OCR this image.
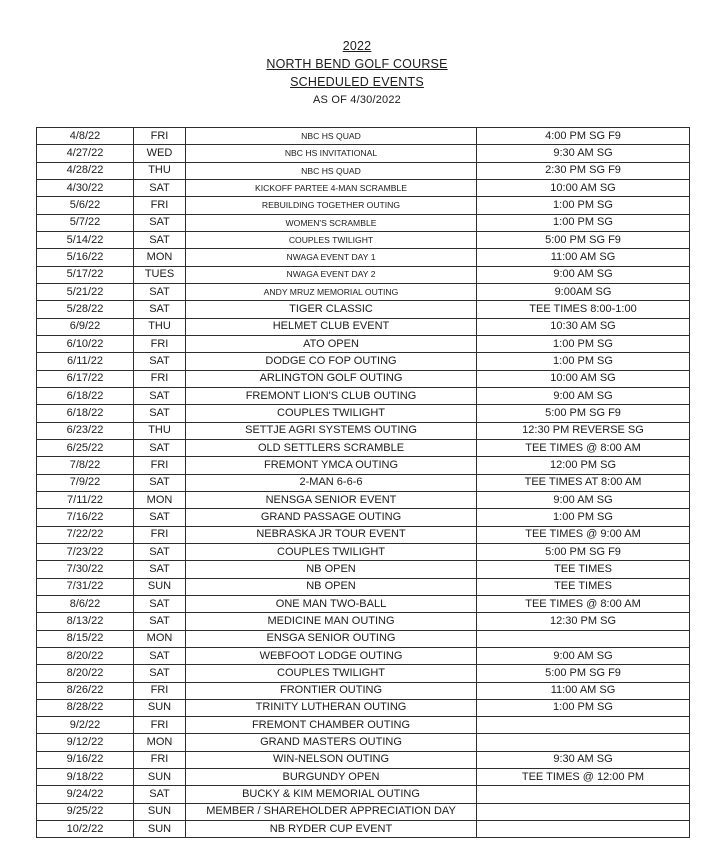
2022
NORTH BEND GOLF COURSE
SCHEDULED EVENTS
AS OF 4/30/2022
4/8/22	FRI	NBC HS QUAD	4:00 PM SG F9
4/27/22	WED	NBC HS INVITATIONAL	9:30 AM SG
4/28/22	THU	NBC HS QUAD	2:30 PM SG F9
4/30/22	SAT	KICKOFF PARTEE 4-MAN SCRAMBLE	10:00 AM SG
5/6/22	FRI	REBUILDING TOGETHER OUTING	1:00 PM SG
5/7/22	SAT	WOMEN'S SCRAMBLE	1:00 PM SG
5/14/22	SAT	COUPLES TWILIGHT	5:00 PM SG F9
5/16/22	MON	NWAGA EVENT DAY 1	11:00 AM SG
5/17/22	TUES	NWAGA EVENT DAY 2	9:00 AM SG
5/21/22	SAT	ANDY MRUZ MEMORIAL OUTING	9:00AM SG
5/28/22	SAT	TIGER CLASSIC	TEE TIMES 8:00-1:00
6/9/22	THU	HELMET CLUB EVENT	10:30 AM SG
6/10/22	FRI	ATO OPEN	1:00 PM SG
6/11/22	SAT	DODGE CO FOP OUTING	1:00 PM SG
6/17/22	FRI	ARLINGTON GOLF OUTING	10:00 AM SG
6/18/22	SAT	FREMONT LION'S CLUB OUTING	9:00 AM SG
6/18/22	SAT	COUPLES TWILIGHT	5:00 PM SG F9
6/23/22	THU	SETTJE AGRI SYSTEMS OUTING	12:30 PM REVERSE SG
6/25/22	SAT	OLD SETTLERS SCRAMBLE	TEE TIMES @ 8:00 AM
7/8/22	FRI	FREMONT YMCA OUTING	12:00 PM SG
7/9/22	SAT	2-MAN 6-6-6	TEE TIMES AT 8:00 AM
7/11/22	MON	NENSGA SENIOR EVENT	9:00 AM SG
7/16/22	SAT	GRAND PASSAGE OUTING	1:00 PM SG
7/22/22	FRI	NEBRASKA JR TOUR EVENT	TEE TIMES @ 9:00 AM
7/23/22	SAT	COUPLES TWILIGHT	5:00 PM SG F9
7/30/22	SAT	NB OPEN	TEE TIMES
7/31/22	SUN	NB OPEN	TEE TIMES
8/6/22	SAT	ONE MAN TWO-BALL	TEE TIMES @ 8:00 AM
8/13/22	SAT	MEDICINE MAN OUTING	12:30 PM SG
8/15/22	MON	ENSGA SENIOR OUTING	
8/20/22	SAT	WEBFOOT LODGE OUTING	9:00 AM SG
8/20/22	SAT	COUPLES TWILIGHT	5:00 PM SG F9
8/26/22	FRI	FRONTIER OUTING	11:00 AM SG
8/28/22	SUN	TRINITY LUTHERAN OUTING	1:00 PM SG
9/2/22	FRI	FREMONT CHAMBER OUTING	
9/12/22	MON	GRAND MASTERS OUTING	
9/16/22	FRI	WIN-NELSON OUTING	9:30 AM SG
9/18/22	SUN	BURGUNDY OPEN	TEE TIMES @ 12:00 PM
9/24/22	SAT	BUCKY & KIM MEMORIAL OUTING	
9/25/22	SUN	MEMBER / SHAREHOLDER APPRECIATION DAY	
10/2/22	SUN	NB RYDER CUP EVENT	
